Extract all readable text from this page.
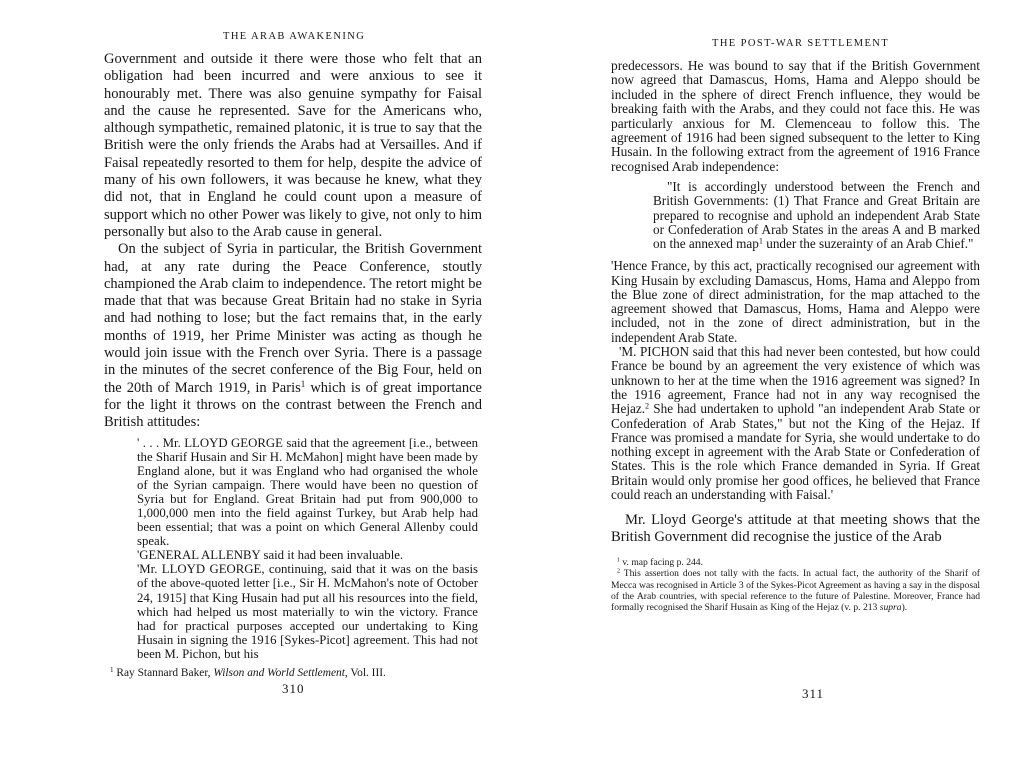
THE ARAB AWAKENING

Government and outside it there were those who felt that an obligation had been incurred and were anxious to see it honourably met. There was also genuine sympathy for Faisal and the cause he represented. Save for the Americans who, although sympathetic, remained platonic, it is true to say that the British were the only friends the Arabs had at Versailles. And if Faisal repeatedly resorted to them for help, despite the advice of many of his own followers, it was because he knew, what they did not, that in England he could count upon a measure of support which no other Power was likely to give, not only to him personally but also to the Arab cause in general.

On the subject of Syria in particular, the British Government had, at any rate during the Peace Conference, stoutly championed the Arab claim to independence. The retort might be made that that was because Great Britain had no stake in Syria and had nothing to lose; but the fact remains that, in the early months of 1919, her Prime Minister was acting as though he would join issue with the French over Syria. There is a passage in the minutes of the secret conference of the Big Four, held on the 20th of March 1919, in Paris$^1$ which is of great importance for the light it throws on the contrast between the French and British attitudes:

' . . . Mr. LLOYD GEORGE said that the agreement [i.e., between the Sharif Husain and Sir H. McMahon] might have been made by England alone, but it was England who had organised the whole of the Syrian campaign. There would have been no question of Syria but for England. Great Britain had put from 900,000 to 1,000,000 men into the field against Turkey, but Arab help had been essential; that was a point on which General Allenby could speak.

'GENERAL ALLENBY said it had been invaluable.

'Mr. LLOYD GEORGE, continuing, said that it was on the basis of the above-quoted letter [i.e., Sir H. McMahon's note of October 24, 1915] that King Husain had put all his resources into the field, which had helped us most materially to win the victory. France had for practical purposes accepted our undertaking to King Husain in signing the 1916 [Sykes-Picot] agreement. This had not been M. Pichon, but his

$^1$ Ray Stannard Baker, Wilson and World Settlement, Vol. III.
310
THE POST-WAR SETTLEMENT

predecessors. He was bound to say that if the British Government now agreed that Damascus, Homs, Hama and Aleppo should be included in the sphere of direct French influence, they would be breaking faith with the Arabs, and they could not face this. He was particularly anxious for M. Clemenceau to follow this. The agreement of 1916 had been signed subsequent to the letter to King Husain. In the following extract from the agreement of 1916 France recognised Arab independence:

"It is accordingly understood between the French and British Governments: (1) That France and Great Britain are prepared to recognise and uphold an independent Arab State or Confederation of Arab States in the areas A and B marked on the annexed map$^1$ under the suzerainty of an Arab Chief."

'Hence France, by this act, practically recognised our agreement with King Husain by excluding Damascus, Homs, Hama and Aleppo from the Blue zone of direct administration, for the map attached to the agreement showed that Damascus, Homs, Hama and Aleppo were included, not in the zone of direct administration, but in the independent Arab State.

'M. PICHON said that this had never been contested, but how could France be bound by an agreement the very existence of which was unknown to her at the time when the 1916 agreement was signed? In the 1916 agreement, France had not in any way recognised the Hejaz.$^2$ She had undertaken to uphold "an independent Arab State or Confederation of Arab States," but not the King of the Hejaz. If France was promised a mandate for Syria, she would undertake to do nothing except in agreement with the Arab State or Confederation of States. This is the role which France demanded in Syria. If Great Britain would only promise her good offices, he believed that France could reach an understanding with Faisal.'

Mr. Lloyd George's attitude at that meeting shows that the British Government did recognise the justice of the Arab

$^1$ v. map facing p. 244.

$^2$ This assertion does not tally with the facts. In actual fact, the authority of the Sharif of Mecca was recognised in Article 3 of the Sykes-Picot Agreement as having a say in the disposal of the Arab countries, with special reference to the future of Palestine. Moreover, France had formally recognised the Sharif Husain as King of the Hejaz (v. p. 213 supra).

311
